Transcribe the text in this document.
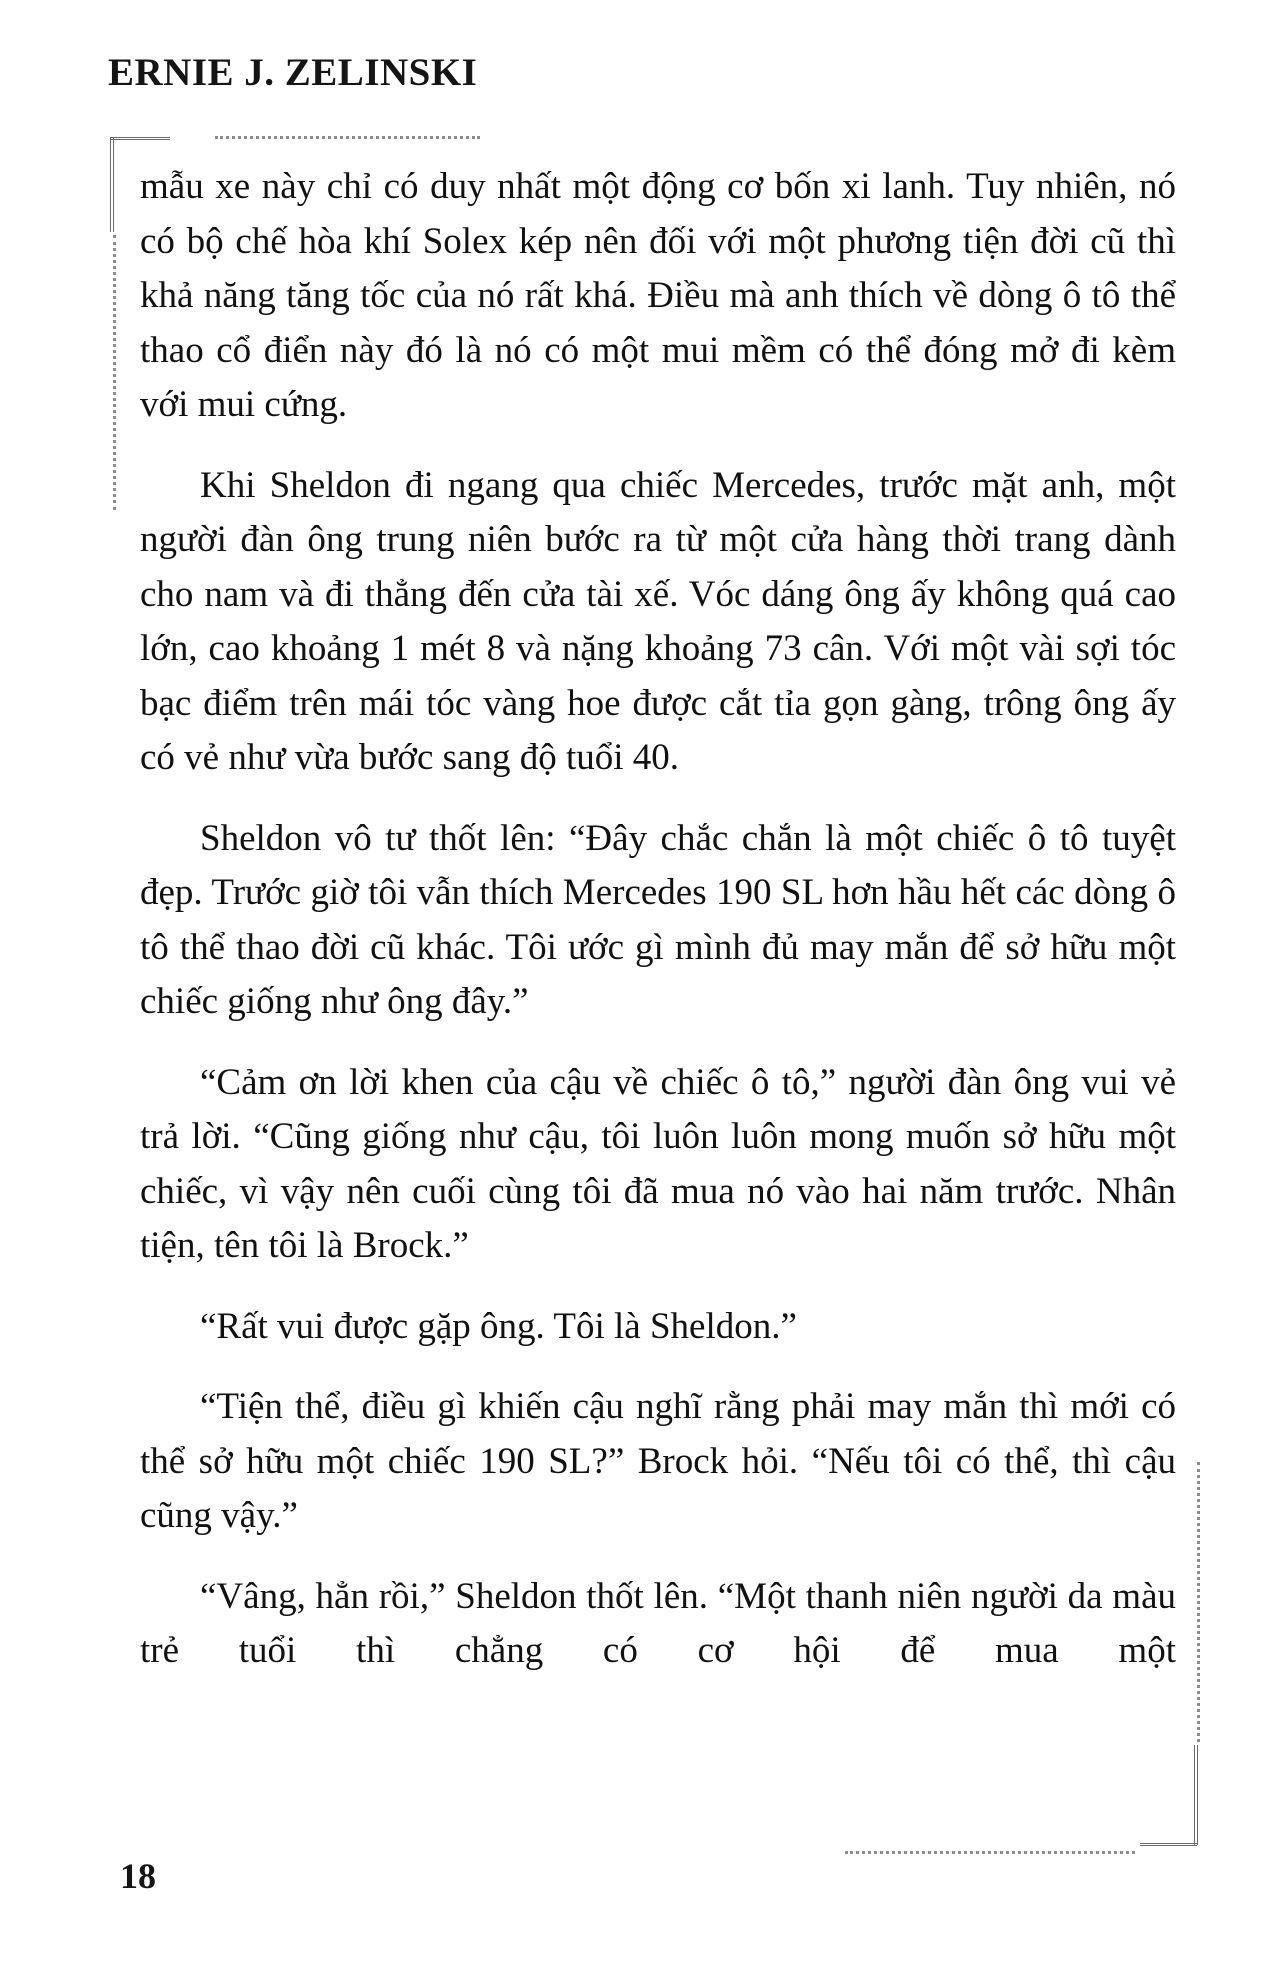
ERNIE J. ZELINSKI

mẫu xe này chỉ có duy nhất một động cơ bốn xi lanh. Tuy nhiên, nó có bộ chế hòa khí Solex kép nên đối với một phương tiện đời cũ thì khả năng tăng tốc của nó rất khá. Điều mà anh thích về dòng ô tô thể thao cổ điển này đó là nó có một mui mềm có thể đóng mở đi kèm với mui cứng.

Khi Sheldon đi ngang qua chiếc Mercedes, trước mặt anh, một người đàn ông trung niên bước ra từ một cửa hàng thời trang dành cho nam và đi thẳng đến cửa tài xế. Vóc dáng ông ấy không quá cao lớn, cao khoảng 1 mét 8 và nặng khoảng 73 cân. Với một vài sợi tóc bạc điểm trên mái tóc vàng hoe được cắt tỉa gọn gàng, trông ông ấy có vẻ như vừa bước sang độ tuổi 40.

Sheldon vô tư thốt lên: “Đây chắc chắn là một chiếc ô tô tuyệt đẹp. Trước giờ tôi vẫn thích Mercedes 190 SL hơn hầu hết các dòng ô tô thể thao đời cũ khác. Tôi ước gì mình đủ may mắn để sở hữu một chiếc giống như ông đây.”

“Cảm ơn lời khen của cậu về chiếc ô tô,” người đàn ông vui vẻ trả lời. “Cũng giống như cậu, tôi luôn luôn mong muốn sở hữu một chiếc, vì vậy nên cuối cùng tôi đã mua nó vào hai năm trước. Nhân tiện, tên tôi là Brock.”

“Rất vui được gặp ông. Tôi là Sheldon.”

“Tiện thể, điều gì khiến cậu nghĩ rằng phải may mắn thì mới có thể sở hữu một chiếc 190 SL?” Brock hỏi. “Nếu tôi có thể, thì cậu cũng vậy.”

“Vâng, hẳn rồi,” Sheldon thốt lên. “Một thanh niên người da màu trẻ tuổi thì chẳng có cơ hội để mua một

18
